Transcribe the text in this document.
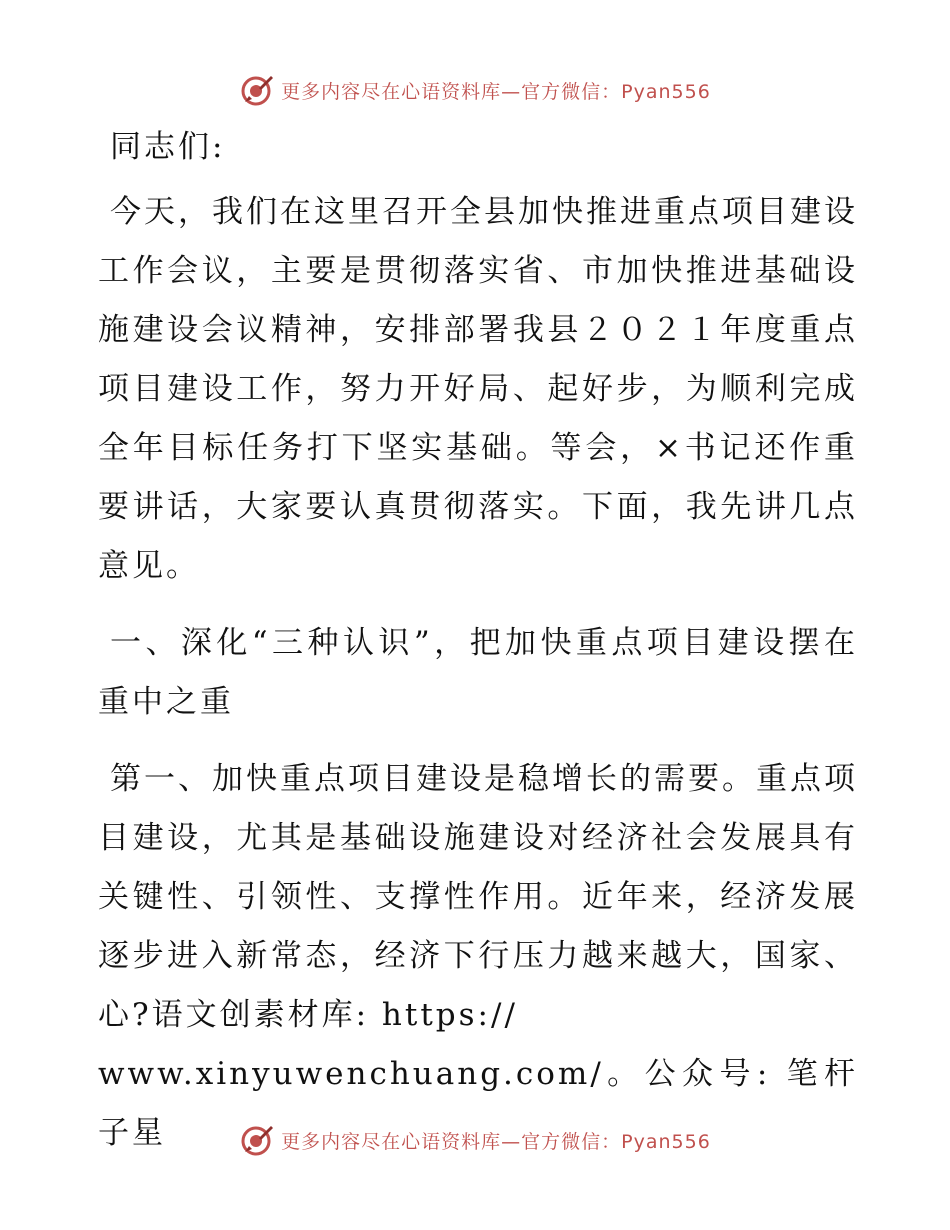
更多内容尽在心语资料库—官方微信：Pyan556

同志们:

今天，我们在这里召开全县加快推进重点项目建设工作会议，主要是贯彻落实省、市加快推进基础设施建设会议精神，安排部署我县２０２１年度重点项目建设工作，努力开好局、起好步，为顺利完成全年目标任务打下坚实基础。等会，×书记还作重要讲话，大家要认真贯彻落实。下面，我先讲几点意见。

一、深化“三种认识”，把加快重点项目建设摆在重中之重

第一、加快重点项目建设是稳增长的需要。重点项目建设，尤其是基础设施建设对经济社会发展具有关键性、引领性、支撑性作用。近年来，经济发展逐步进入新常态，经济下行压力越来越大，国家、心?语文创素材库: https://

www.xinyuwenchuang.com/。公众号: 笔杆子星	更多内容尽在心语资料库—官方微信：Pyan556
